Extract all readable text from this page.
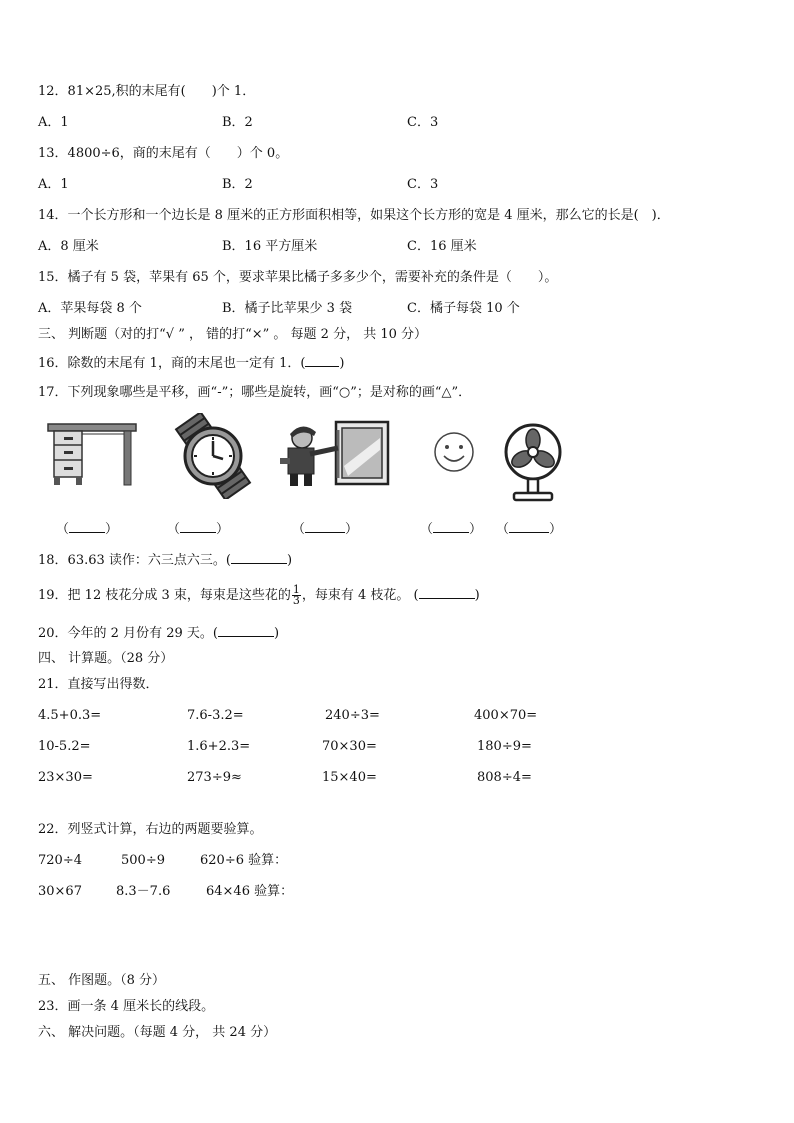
12．81×25,积的末尾有(　　)个 1．
A．1	B．2	C．3
13．4800÷6，商的末尾有（　　）个 0。
A．1	B．2	C．3
14．一个长方形和一个边长是 8 厘米的正方形面积相等，如果这个长方形的宽是 4 厘米，那么它的长是(　)．
A．8 厘米	B．16 平方厘米	C．16 厘米
15．橘子有 5 袋，苹果有 65 个，要求苹果比橘子多多少个，需要补充的条件是（　　）。
A．苹果每袋 8 个	B．橘子比苹果少 3 袋	C．橘子每袋 10 个
三、 判断题（对的打“√ ” ， 错的打“×” 。 每题 2 分， 共 10 分）
16．除数的末尾有 1，商的末尾也一定有 1．(	)
17．下列现象哪些是平移，画“-”；哪些是旋转，画“○”；是对称的画“△”．
（	）	（	）	（	）	（	） （	）
18．63.63 读作：六三点六三。(	)
19．把 12 枝花分成 3 束，每束是这些花的 $\frac{1}{3}$ ，每束有 4 枝花。 (	)
20．今年的 2 月份有 29 天。(	)
四、 计算题。（28 分）
21．直接写出得数．
4.5+0.3=	7.6-3.2=	240÷3=	400×70=
10-5.2=	1.6+2.3=	70×30=	180÷9=
23×30=	273÷9≈	15×40=	808÷4=
22．列竖式计算，右边的两题要验算。
720÷4	500÷9	620÷6 验算：
30×67	8.3－7.6	64×46 验算：
五、 作图题。（8 分）
23．画一条 4 厘米长的线段。
六、 解决问题。（每题 4 分， 共 24 分）
